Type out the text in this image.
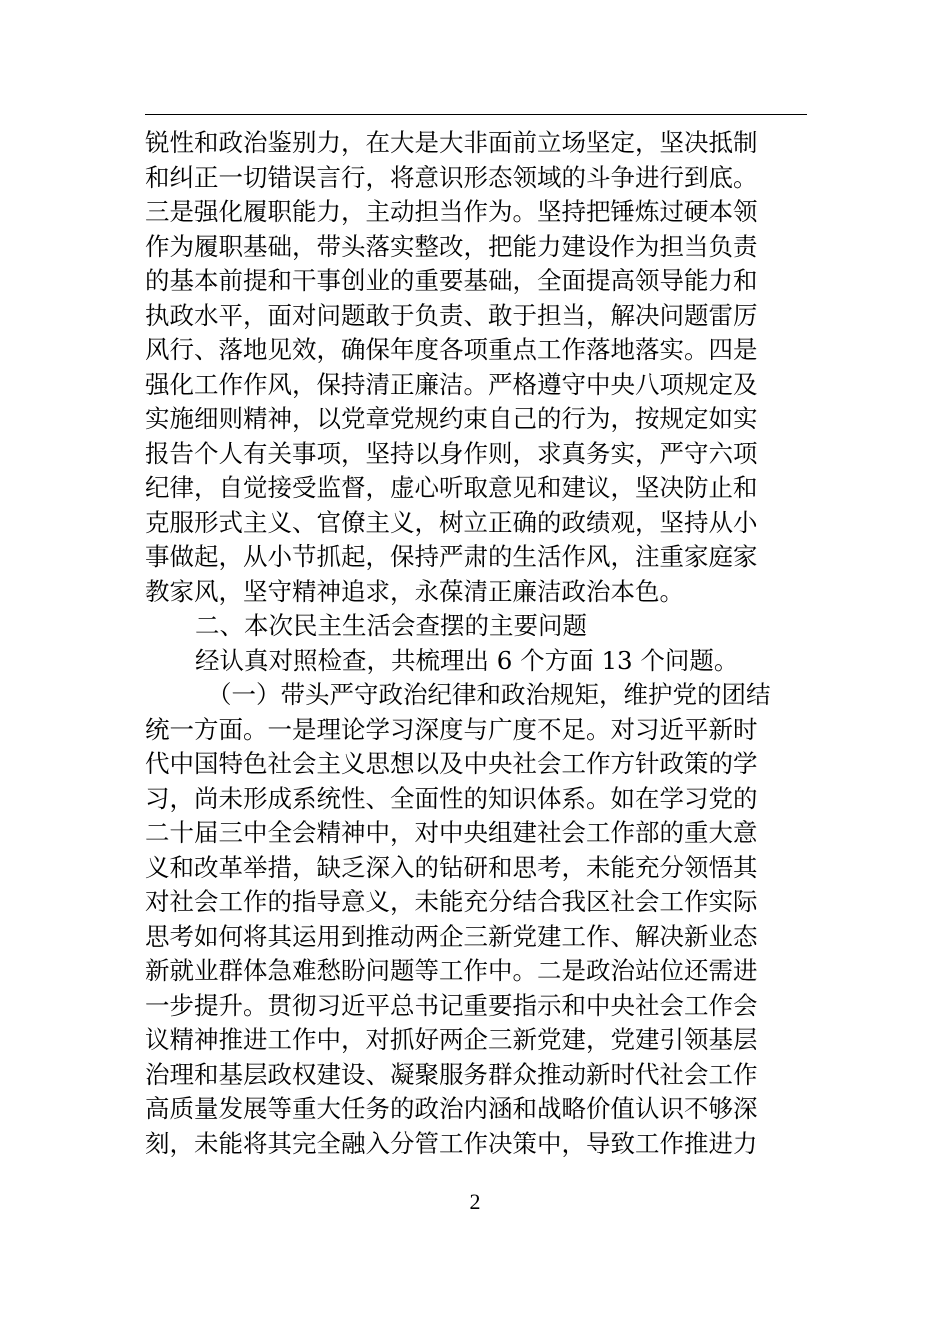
锐性和政治鉴别力，在大是大非面前立场坚定，坚决抵制
和纠正一切错误言行，将意识形态领域的斗争进行到底。
三是强化履职能力，主动担当作为。坚持把锤炼过硬本领
作为履职基础，带头落实整改，把能力建设作为担当负责
的基本前提和干事创业的重要基础，全面提高领导能力和
执政水平，面对问题敢于负责、敢于担当，解决问题雷厉
风行、落地见效，确保年度各项重点工作落地落实。四是
强化工作作风，保持清正廉洁。严格遵守中央八项规定及
实施细则精神，以党章党规约束自己的行为，按规定如实
报告个人有关事项，坚持以身作则，求真务实，严守六项
纪律，自觉接受监督，虚心听取意见和建议，坚决防止和
克服形式主义、官僚主义，树立正确的政绩观，坚持从小
事做起，从小节抓起，保持严肃的生活作风，注重家庭家
教家风，坚守精神追求，永葆清正廉洁政治本色。
二、本次民主生活会查摆的主要问题
经认真对照检查，共梳理出 6 个方面 13 个问题。
（一）带头严守政治纪律和政治规矩，维护党的团结
统一方面。一是理论学习深度与广度不足。对习近平新时
代中国特色社会主义思想以及中央社会工作方针政策的学
习，尚未形成系统性、全面性的知识体系。如在学习党的
二十届三中全会精神中，对中央组建社会工作部的重大意
义和改革举措，缺乏深入的钻研和思考，未能充分领悟其
对社会工作的指导意义，未能充分结合我区社会工作实际
思考如何将其运用到推动两企三新党建工作、解决新业态
新就业群体急难愁盼问题等工作中。二是政治站位还需进
一步提升。贯彻习近平总书记重要指示和中央社会工作会
议精神推进工作中，对抓好两企三新党建，党建引领基层
治理和基层政权建设、凝聚服务群众推动新时代社会工作
高质量发展等重大任务的政治内涵和战略价值认识不够深
刻，未能将其完全融入分管工作决策中，导致工作推进力
2
